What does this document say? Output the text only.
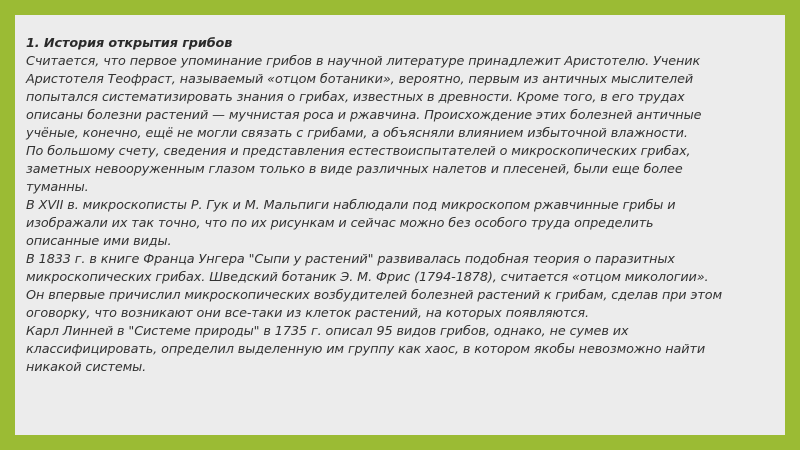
1. История открытия грибов
Считается, что первое упоминание грибов в научной литературе принадлежит Аристотелю. Ученик
Аристотеля Теофраст, называемый «отцом ботаники», вероятно, первым из античных мыслителей
попытался систематизировать знания о грибах, известных в древности. Кроме того, в его трудах
описаны болезни растений — мучнистая роса и ржавчина. Происхождение этих болезней античные
учёные, конечно, ещё не могли связать с грибами, а объясняли влиянием избыточной влажности.
По большому счету, сведения и представления естествоиспытателей о микроскопических грибах,
заметных невооруженным глазом только в виде различных налетов и плесеней, были еще более
туманны.
В XVII в. микроскописты Р. Гук и М. Мальпиги наблюдали под микроскопом ржавчинные грибы и
изображали их так точно, что по их рисункам и сейчас можно без особого труда определить
описанные ими виды.
В 1833 г. в книге Франца Унгера "Сыпи у растений" развивалась подобная теория о паразитных
микроскопических грибах. Шведский ботаник Э. М. Фрис (1794-1878), считается «отцом микологии».
Он впервые причислил микроскопических возбудителей болезней растений к грибам, сделав при этом
оговорку, что возникают они все-таки из клеток растений, на которых появляются.
Карл Линней в "Системе природы" в 1735 г. описал 95 видов грибов, однако, не сумев их
классифицировать, определил выделенную им группу как хаос, в котором якобы невозможно найти
никакой системы.
